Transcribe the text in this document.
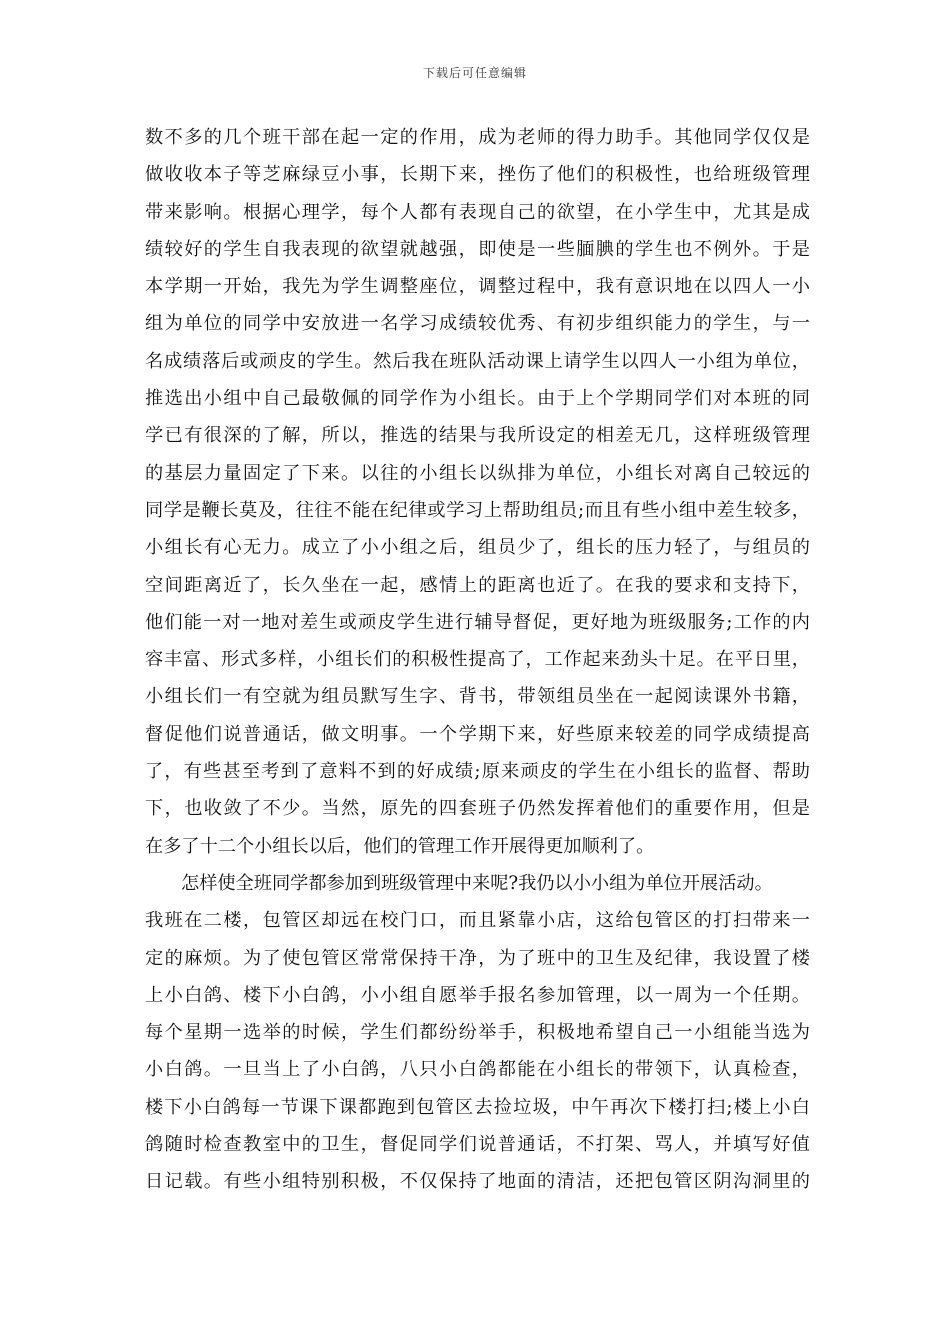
下载后可任意编辑
数不多的几个班干部在起一定的作用，成为老师的得力助手。其他同学仅仅是
做收收本子等芝麻绿豆小事，长期下来，挫伤了他们的积极性，也给班级管理
带来影响。根据心理学，每个人都有表现自己的欲望，在小学生中，尤其是成
绩较好的学生自我表现的欲望就越强，即使是一些腼腆的学生也不例外。于是
本学期一开始，我先为学生调整座位，调整过程中，我有意识地在以四人一小
组为单位的同学中安放进一名学习成绩较优秀、有初步组织能力的学生，与一
名成绩落后或顽皮的学生。然后我在班队活动课上请学生以四人一小组为单位，
推选出小组中自己最敬佩的同学作为小组长。由于上个学期同学们对本班的同
学已有很深的了解，所以，推选的结果与我所设定的相差无几，这样班级管理
的基层力量固定了下来。以往的小组长以纵排为单位，小组长对离自己较远的
同学是鞭长莫及，往往不能在纪律或学习上帮助组员;而且有些小组中差生较多，
小组长有心无力。成立了小小组之后，组员少了，组长的压力轻了，与组员的
空间距离近了，长久坐在一起，感情上的距离也近了。在我的要求和支持下，
他们能一对一地对差生或顽皮学生进行辅导督促，更好地为班级服务;工作的内
容丰富、形式多样，小组长们的积极性提高了，工作起来劲头十足。在平日里，
小组长们一有空就为组员默写生字、背书，带领组员坐在一起阅读课外书籍，
督促他们说普通话，做文明事。一个学期下来，好些原来较差的同学成绩提高
了，有些甚至考到了意料不到的好成绩;原来顽皮的学生在小组长的监督、帮助
下，也收敛了不少。当然，原先的四套班子仍然发挥着他们的重要作用，但是
在多了十二个小组长以后，他们的管理工作开展得更加顺利了。
怎样使全班同学都参加到班级管理中来呢?我仍以小小组为单位开展活动。
我班在二楼，包管区却远在校门口，而且紧靠小店，这给包管区的打扫带来一
定的麻烦。为了使包管区常常保持干净，为了班中的卫生及纪律，我设置了楼
上小白鸽、楼下小白鸽，小小组自愿举手报名参加管理，以一周为一个任期。
每个星期一选举的时候，学生们都纷纷举手，积极地希望自己一小组能当选为
小白鸽。一旦当上了小白鸽，八只小白鸽都能在小组长的带领下，认真检查，
楼下小白鸽每一节课下课都跑到包管区去捡垃圾，中午再次下楼打扫;楼上小白
鸽随时检查教室中的卫生，督促同学们说普通话，不打架、骂人，并填写好值
日记载。有些小组特别积极，不仅保持了地面的清洁，还把包管区阴沟洞里的
